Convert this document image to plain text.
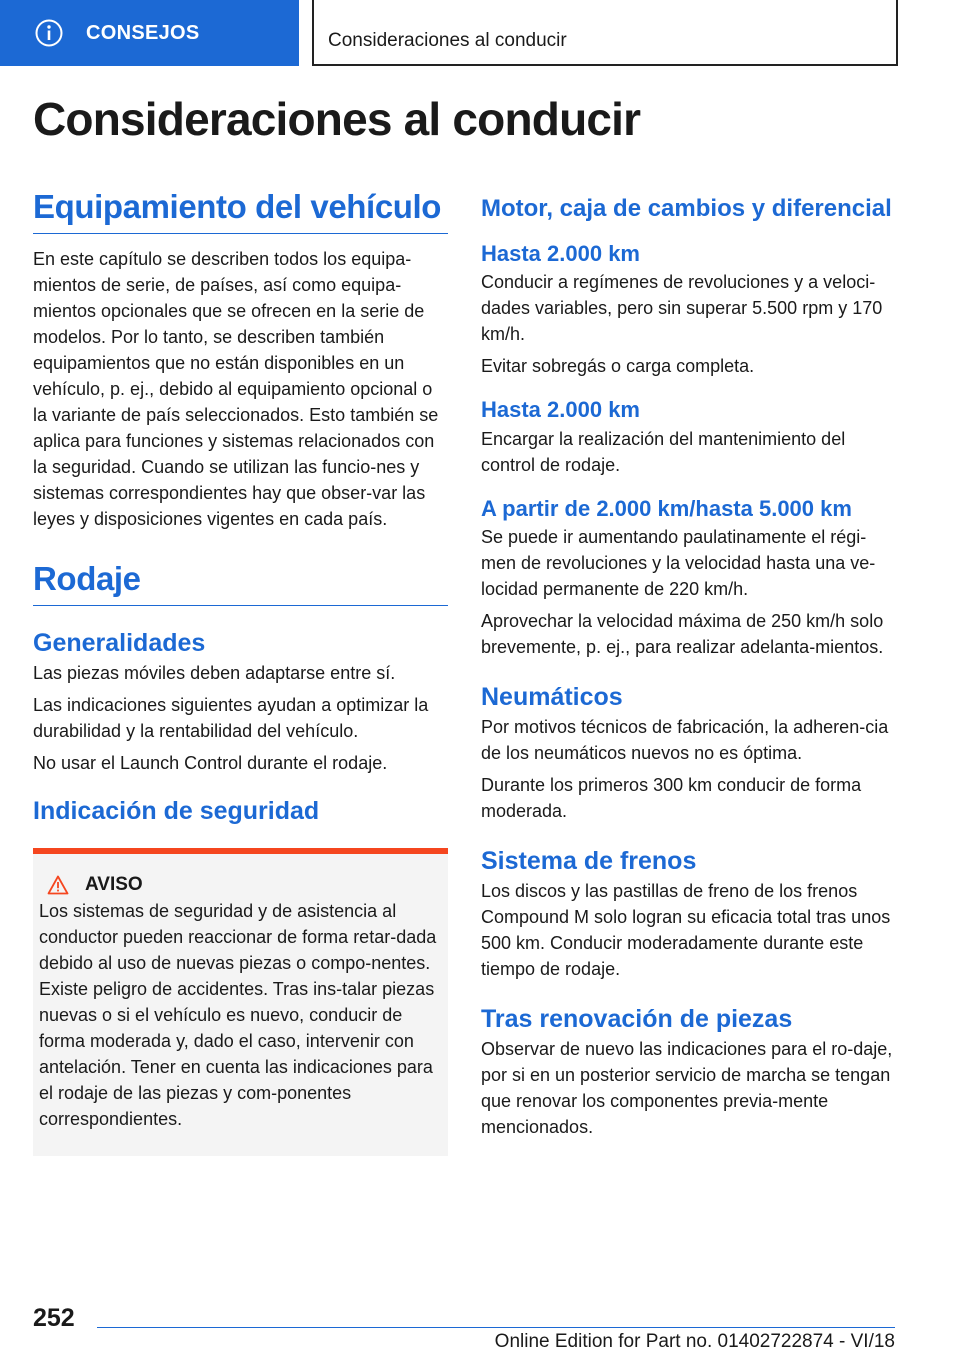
CONSEJOS	Consideraciones al conducir
Consideraciones al conducir
Equipamiento del vehículo

En este capítulo se describen todos los equipa-mientos de serie, de países, así como equipa-mientos opcionales que se ofrecen en la serie de modelos. Por lo tanto, se describen también equipamientos que no están disponibles en un vehículo, p. ej., debido al equipamiento opcional o la variante de país seleccionados. Esto también se aplica para funciones y sistemas relacionados con la seguridad. Cuando se utilizan las funcio-nes y sistemas correspondientes hay que obser-var las leyes y disposiciones vigentes en cada país.

Rodaje
Generalidades

Las piezas móviles deben adaptarse entre sí.

Las indicaciones siguientes ayudan a optimizar la durabilidad y la rentabilidad del vehículo.

No usar el Launch Control durante el rodaje.

Indicación de seguridad
AVISO

Los sistemas de seguridad y de asistencia al conductor pueden reaccionar de forma retar-dada debido al uso de nuevas piezas o compo-nentes. Existe peligro de accidentes. Tras ins-talar piezas nuevas o si el vehículo es nuevo, conducir de forma moderada y, dado el caso, intervenir con antelación. Tener en cuenta las indicaciones para el rodaje de las piezas y com-ponentes correspondientes.

Motor, caja de cambios y diferencial
Hasta 2.000 km

Conducir a regímenes de revoluciones y a veloci-dades variables, pero sin superar 5.500 rpm y 170 km/h.

Evitar sobregás o carga completa.

Hasta 2.000 km

Encargar la realización del mantenimiento del control de rodaje.

A partir de 2.000 km/hasta 5.000 km

Se puede ir aumentando paulatinamente el régi-men de revoluciones y la velocidad hasta una ve-locidad permanente de 220 km/h.

Aprovechar la velocidad máxima de 250 km/h solo brevemente, p. ej., para realizar adelanta-mientos.

Neumáticos

Por motivos técnicos de fabricación, la adheren-cia de los neumáticos nuevos no es óptima.

Durante los primeros 300 km conducir de forma moderada.

Sistema de frenos

Los discos y las pastillas de freno de los frenos Compound M solo logran su eficacia total tras unos 500 km. Conducir moderadamente durante este tiempo de rodaje.

Tras renovación de piezas

Observar de nuevo las indicaciones para el ro-daje, por si en un posterior servicio de marcha se tengan que renovar los componentes previa-mente mencionados.

252
Online Edition for Part no. 01402722874 - VI/18
